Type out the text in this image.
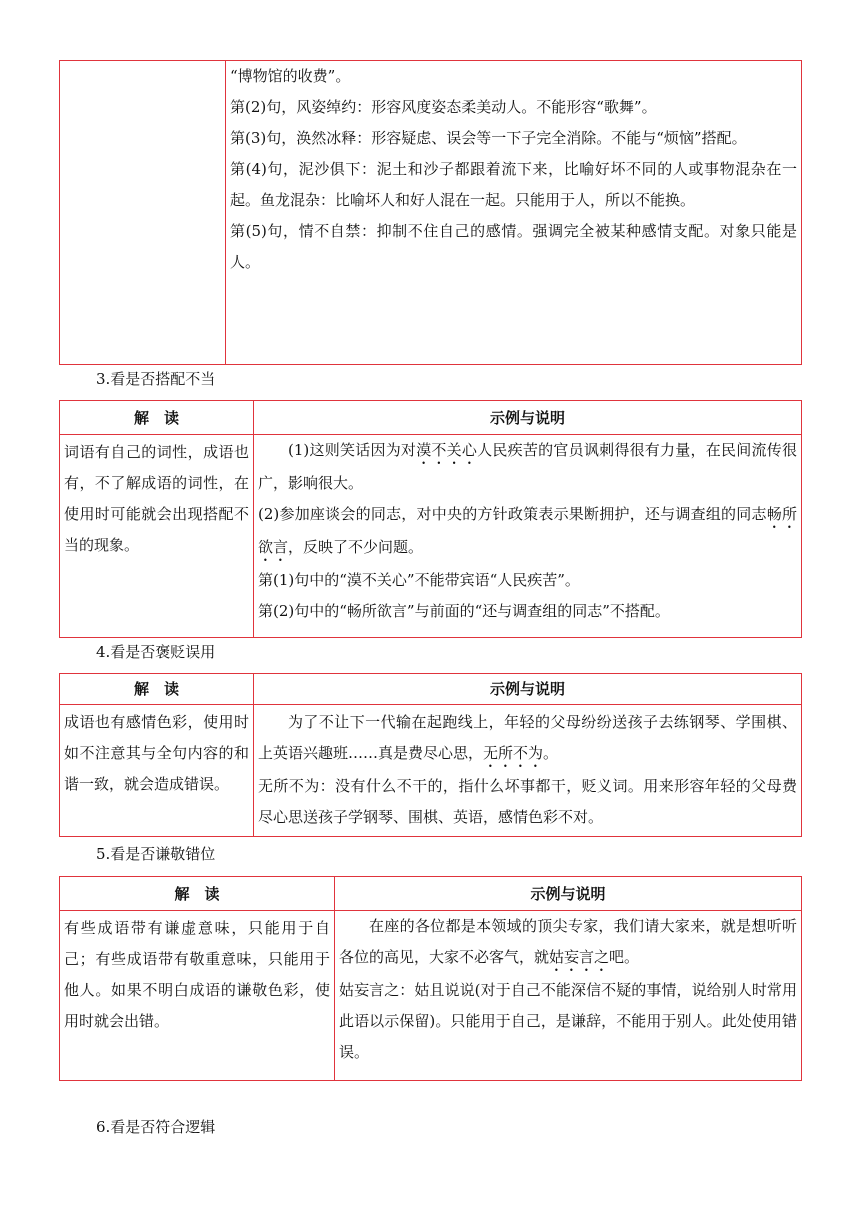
“博物馆的收费”。

第(2)句，风姿绰约：形容风度姿态柔美动人。不能形容“歌舞”。

第(3)句，涣然冰释：形容疑虑、误会等一下子完全消除。不能与“烦恼”搭配。

第(4)句，泥沙俱下：泥土和沙子都跟着流下来，比喻好坏不同的人或事物混杂在一起。鱼龙混杂：比喻坏人和好人混在一起。只能用于人，所以不能换。

第(5)句，情不自禁：抑制不住自己的感情。强调完全被某种感情支配。对象只能是人。

3.看是否搭配不当
解　读	示例与说明
词语有自己的词性，成语也有，不了解成语的词性，在使用时可能就会出现搭配不当的现象。	(1)这则笑话因为对漠不关心人民疾苦的官员讽刺得很有力量，在民间流传很广，影响很大。

(2)参加座谈会的同志，对中央的方针政策表示果断拥护，还与调查组的同志畅所欲言，反映了不少问题。

第(1)句中的“漠不关心”不能带宾语“人民疾苦”。

第(2)句中的“畅所欲言”与前面的“还与调查组的同志”不搭配。

4.看是否褒贬误用
解　读	示例与说明
成语也有感情色彩，使用时如不注意其与全句内容的和谐一致，就会造成错误。	为了不让下一代输在起跑线上，年轻的父母纷纷送孩子去练钢琴、学围棋、上英语兴趣班……真是费尽心思，无所不为。

无所不为：没有什么不干的，指什么坏事都干，贬义词。用来形容年轻的父母费尽心思送孩子学钢琴、围棋、英语，感情色彩不对。

5.看是否谦敬错位
解　读	示例与说明
有些成语带有谦虚意味，只能用于自己；有些成语带有敬重意味，只能用于他人。如果不明白成语的谦敬色彩，使用时就会出错。	在座的各位都是本领域的顶尖专家，我们请大家来，就是想听听各位的高见，大家不必客气，就姑妄言之吧。

姑妄言之：姑且说说(对于自己不能深信不疑的事情，说给别人时常用此语以示保留)。只能用于自己，是谦辞，不能用于别人。此处使用错误。

6.看是否符合逻辑
